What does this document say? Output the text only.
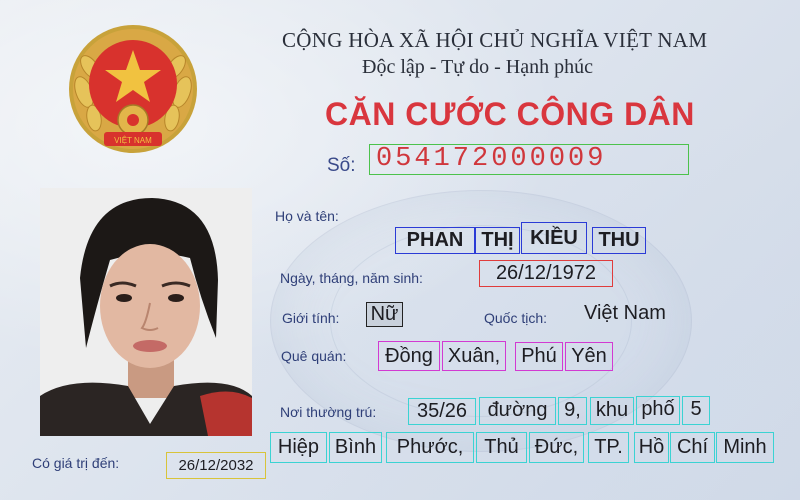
VIỆT NAM
CỘNG HÒA XÃ HỘI CHỦ NGHĨA VIỆT NAM
Độc lập - Tự do - Hạnh phúc
CĂN CƯỚC CÔNG DÂN
Số: 054172000009
Họ và tên:
PHAN THỊ KIỀU	THU
Ngày, tháng, năm sinh:	26/12/1972
Giới tính: Nữ	Quốc tịch: Việt Nam
Quê quán:	Đồng Xuân,	Phú Yên
Nơi thường trú:	35/26	đường 9, khu phố 5
Hiệp Bình	Phước,	Thủ Đức, TP. Hồ Chí Minh
Có giá trị đến:	26/12/2032
